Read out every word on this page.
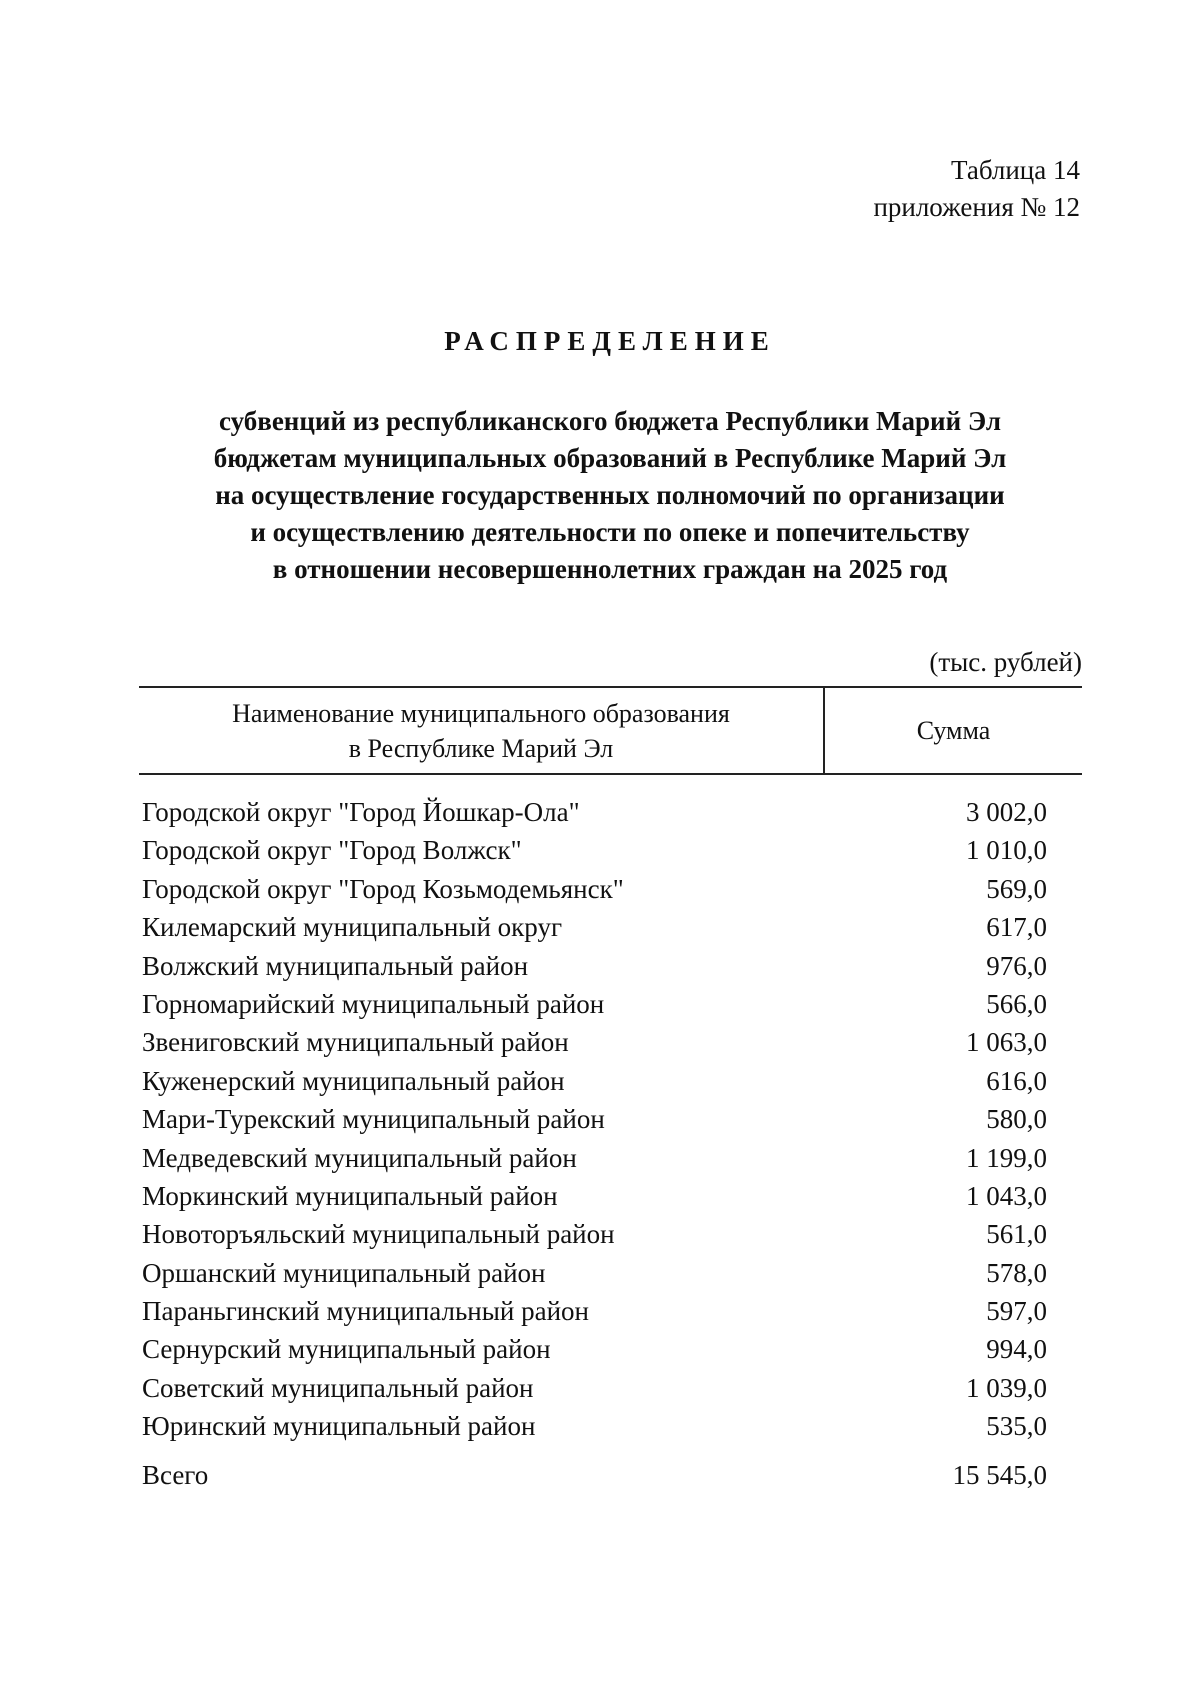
Таблица 14
приложения № 12
РАСПРЕДЕЛЕНИЕ
субвенций из республиканского бюджета Республики Марий Эл
бюджетам муниципальных образований в Республике Марий Эл
на осуществление государственных полномочий по организации
и осуществлению деятельности по опеке и попечительству
в отношении несовершеннолетних граждан на 2025 год
(тыс. рублей)
Наименование муниципального образования
в Республике Марий Эл
Сумма
Городской округ "Город Йошкар-Ола"	3 002,0
Городской округ "Город Волжск"	1 010,0
Городской округ "Город Козьмодемьянск"	569,0
Килемарский муниципальный округ	617,0
Волжский муниципальный район	976,0
Горномарийский муниципальный район	566,0
Звениговский муниципальный район	1 063,0
Куженерский муниципальный район	616,0
Мари-Турекский муниципальный район	580,0
Медведевский муниципальный район	1 199,0
Моркинский муниципальный район	1 043,0
Новоторъяльский муниципальный район	561,0
Оршанский муниципальный район	578,0
Параньгинский муниципальный район	597,0
Сернурский муниципальный район	994,0
Советский муниципальный район	1 039,0
Юринский муниципальный район	535,0
Всего	15 545,0
